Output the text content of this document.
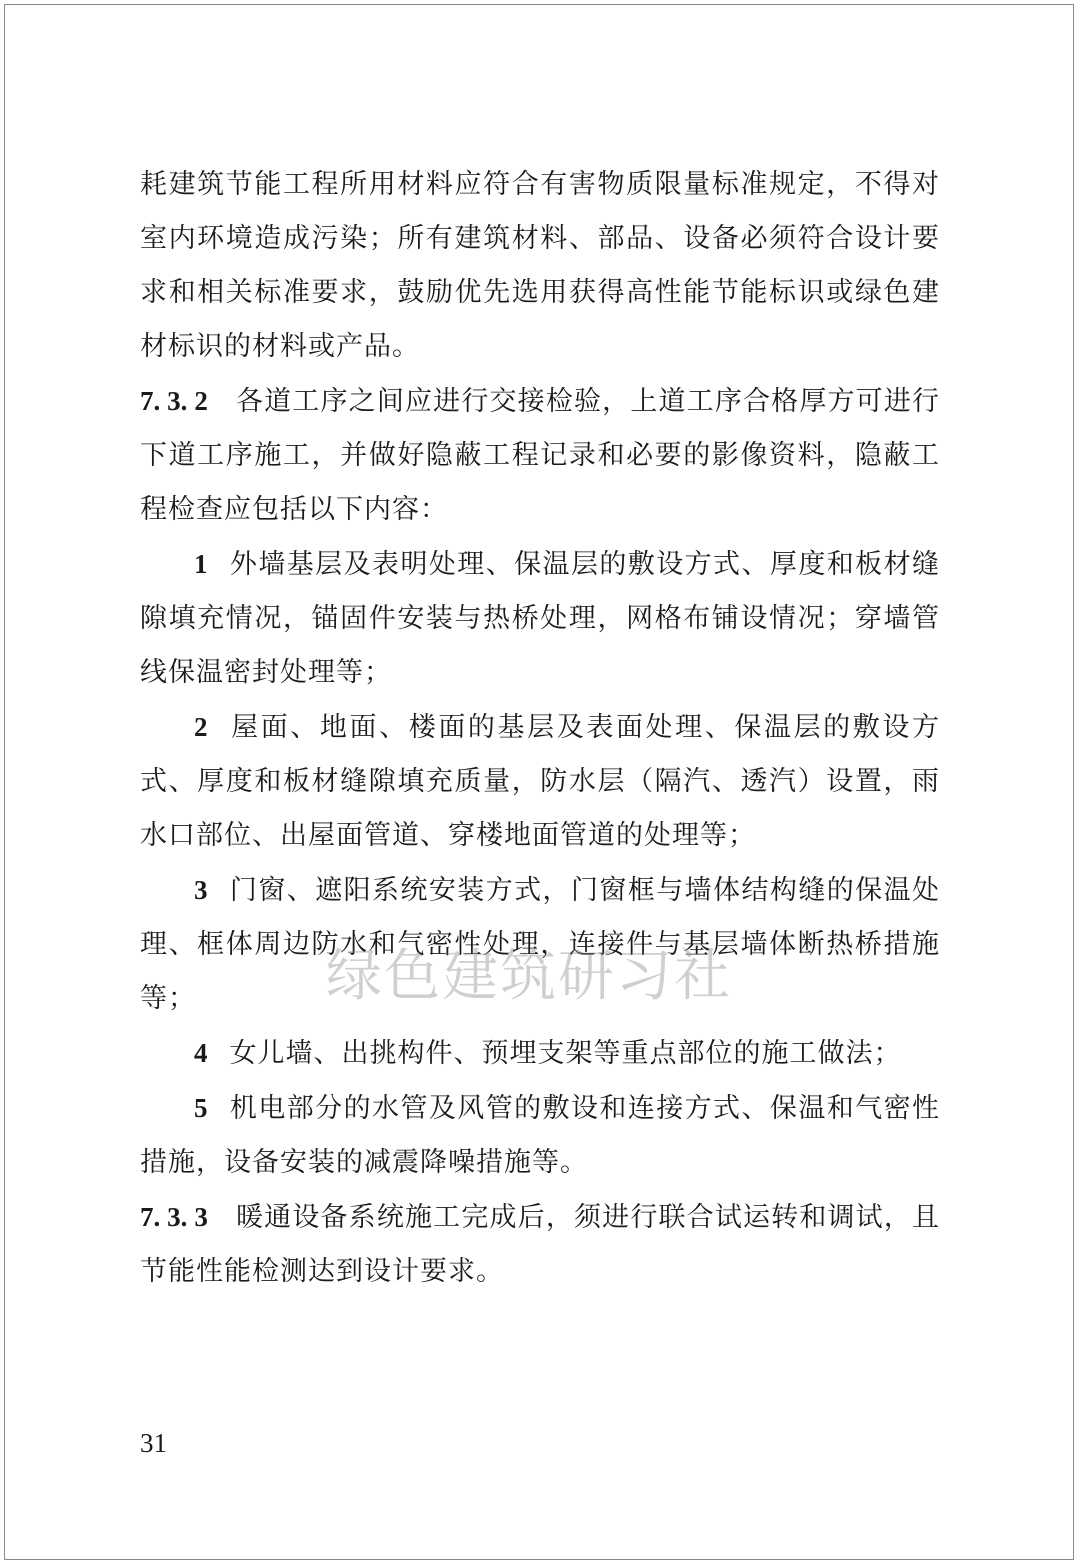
耗建筑节能工程所用材料应符合有害物质限量标准规定，不得对室内环境造成污染；所有建筑材料、部品、设备必须符合设计要求和相关标准要求，鼓励优先选用获得高性能节能标识或绿色建材标识的材料或产品。

7. 3. 2 各道工序之间应进行交接检验，上道工序合格厚方可进行下道工序施工，并做好隐蔽工程记录和必要的影像资料，隐蔽工程检查应包括以下内容：

1 外墙基层及表明处理、保温层的敷设方式、厚度和板材缝隙填充情况，锚固件安装与热桥处理，网格布铺设情况；穿墙管线保温密封处理等；

2 屋面、地面、楼面的基层及表面处理、保温层的敷设方式、厚度和板材缝隙填充质量，防水层（隔汽、透汽）设置，雨水口部位、出屋面管道、穿楼地面管道的处理等；

3 门窗、遮阳系统安装方式，门窗框与墙体结构缝的保温处理、框体周边防水和气密性处理，连接件与基层墙体断热桥措施等；

4 女儿墙、出挑构件、预埋支架等重点部位的施工做法；

5 机电部分的水管及风管的敷设和连接方式、保温和气密性措施，设备安装的减震降噪措施等。

7. 3. 3 暖通设备系统施工完成后，须进行联合试运转和调试，且节能性能检测达到设计要求。

绿色建筑研习社
31
